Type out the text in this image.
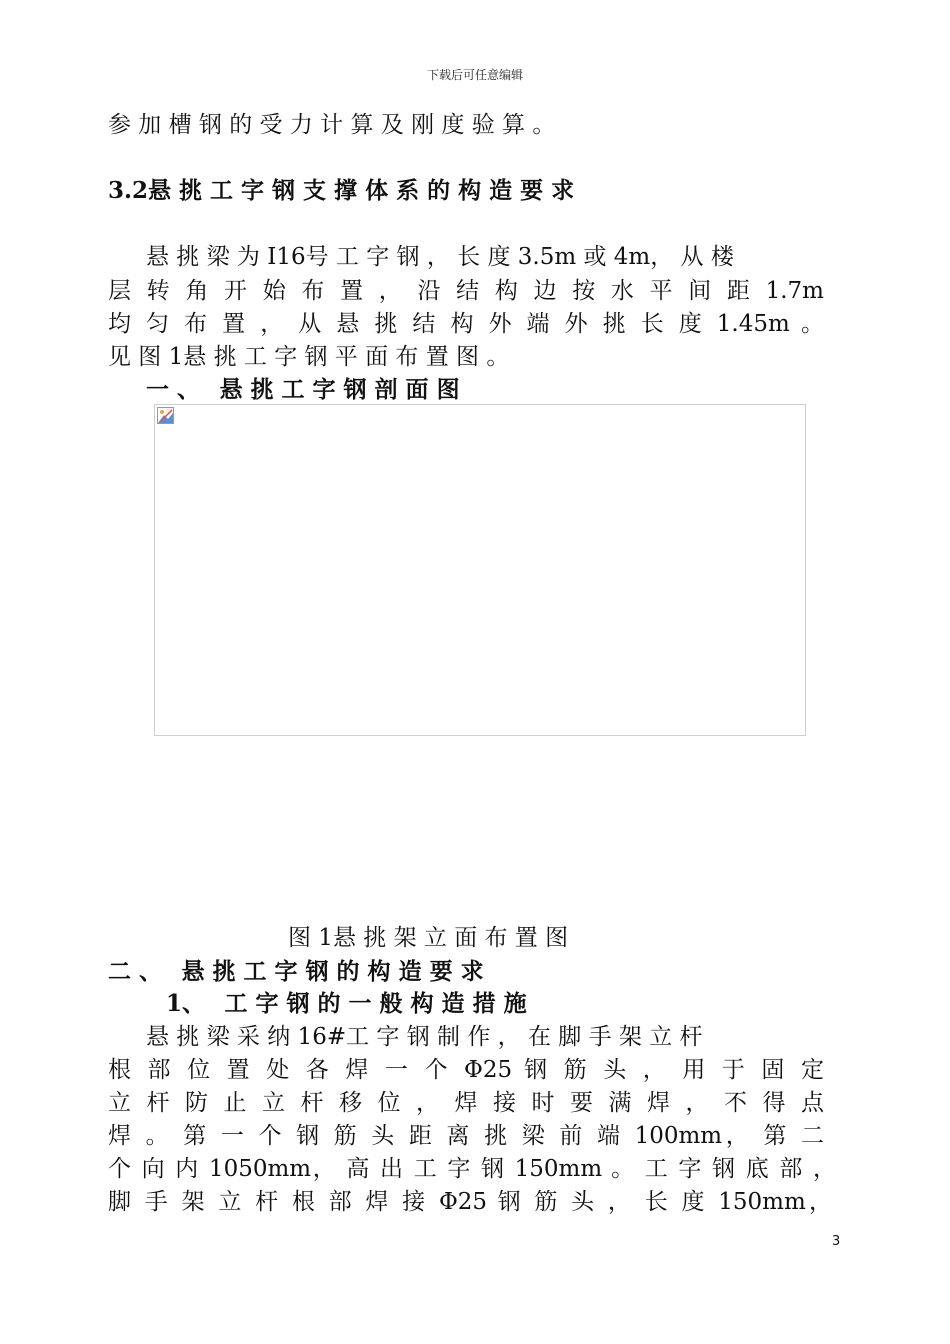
下载后可任意编辑
参 加 槽 钢 的 受 力 计 算 及 刚 度 验 算 。
3.2悬 挑 工 字 钢 支 撑 体 系 的 构 造 要 求
悬 挑 梁 为 I16号 工 字 钢 ， 长 度 3.5m 或 4m， 从 楼
层 转 角 开 始 布 置 ， 沿 结 构 边 按 水 平 间 距 1.7m
均 匀 布 置 ， 从 悬 挑 结 构 外 端 外 挑 长 度 1.45m 。
见 图 1悬 挑 工 字 钢 平 面 布 置 图 。
一 、　 悬 挑 工 字 钢 剖 面 图
图 1悬 挑 架 立 面 布 置 图
二 、　 悬 挑 工 字 钢 的 构 造 要 求
1、　 工 字 钢 的 一 般 构 造 措 施
悬 挑 梁 采 纳 16#工 字 钢 制 作 ， 在 脚 手 架 立 杆
根 部 位 置 处 各 焊 一 个 Φ25 钢 筋 头 ， 用 于 固 定
立 杆 防 止 立 杆 移 位 ， 焊 接 时 要 满 焊 ， 不 得 点
焊 。 第 一 个 钢 筋 头 距 离 挑 梁 前 端 100mm， 第 二
个 向 内 1050mm， 高 出 工 字 钢 150mm 。 工 字 钢 底 部 ，
脚 手 架 立 杆 根 部 焊 接 Φ25 钢 筋 头 ， 长 度 150mm，
3
